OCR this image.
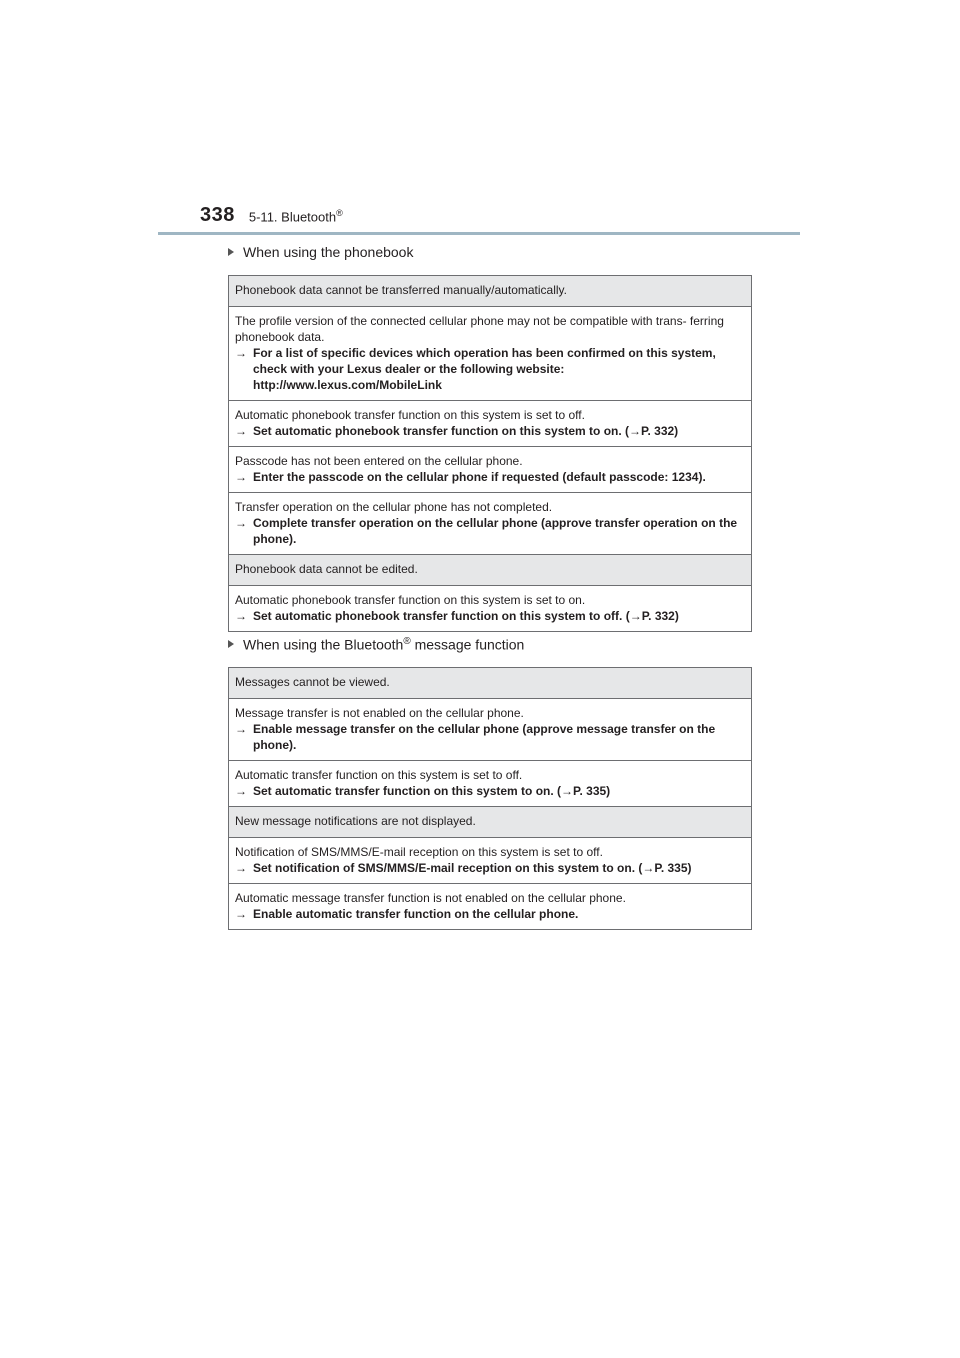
338 5-11. Bluetooth®
When using the phonebook
Phonebook data cannot be transferred manually/automatically.
The profile version of the connected cellular phone may not be compatible with trans- ferring phonebook data.
→ For a list of specific devices which operation has been confirmed on this system, check with your Lexus dealer or the following website: http://www.lexus.com/MobileLink
Automatic phonebook transfer function on this system is set to off.
→ Set automatic phonebook transfer function on this system to on. (→P. 332)
Passcode has not been entered on the cellular phone.
→ Enter the passcode on the cellular phone if requested (default passcode: 1234).
Transfer operation on the cellular phone has not completed.
→ Complete transfer operation on the cellular phone (approve transfer operation on the phone).
Phonebook data cannot be edited.
Automatic phonebook transfer function on this system is set to on.
→ Set automatic phonebook transfer function on this system to off. (→P. 332)
When using the Bluetooth® message function
Messages cannot be viewed.
Message transfer is not enabled on the cellular phone.
→ Enable message transfer on the cellular phone (approve message transfer on the phone).
Automatic transfer function on this system is set to off.
→ Set automatic transfer function on this system to on. (→P. 335)
New message notifications are not displayed.
Notification of SMS/MMS/E-mail reception on this system is set to off.
→ Set notification of SMS/MMS/E-mail reception on this system to on. (→P. 335)
Automatic message transfer function is not enabled on the cellular phone.
→ Enable automatic transfer function on the cellular phone.
